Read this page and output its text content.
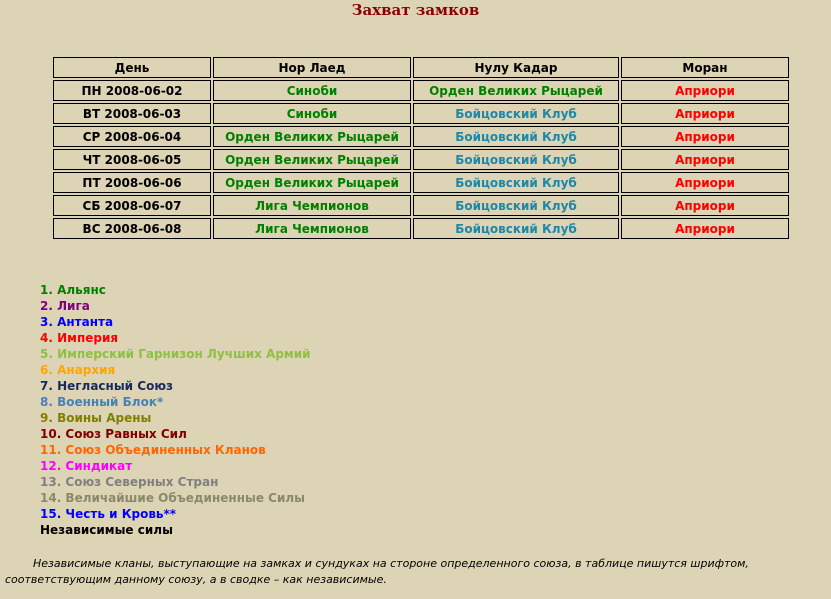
Захват замков
День	Нор Лаед	Нулу Кадар	Моран
ПН 2008-06-02	Синоби	Орден Великих Рыцарей	Априори
ВТ 2008-06-03	Синоби	Бойцовский Клуб	Априори
СР 2008-06-04	Орден Великих Рыцарей	Бойцовский Клуб	Априори
ЧТ 2008-06-05	Орден Великих Рыцарей	Бойцовский Клуб	Априори
ПТ 2008-06-06	Орден Великих Рыцарей	Бойцовский Клуб	Априори
СБ 2008-06-07	Лига Чемпионов	Бойцовский Клуб	Априори
ВС 2008-06-08	Лига Чемпионов	Бойцовский Клуб	Априори
1. Альянс
2. Лига
3. Антанта
4. Империя
5. Имперский Гарнизон Лучших Армий
6. Анархия
7. Негласный Союз
8. Военный Блок*
9. Воины Арены
10. Союз Равных Сил
11. Союз Объединенных Кланов
12. Синдикат
13. Союз Северных Стран
14. Величайшие Объединенные Силы
15. Честь и Кровь**
Независимые силы
Независимые кланы, выступающие на замках и сундуках на стороне определенного союза, в таблице пишутся шрифтом, соответствующим данному союзу, а в сводке – как независимые.
